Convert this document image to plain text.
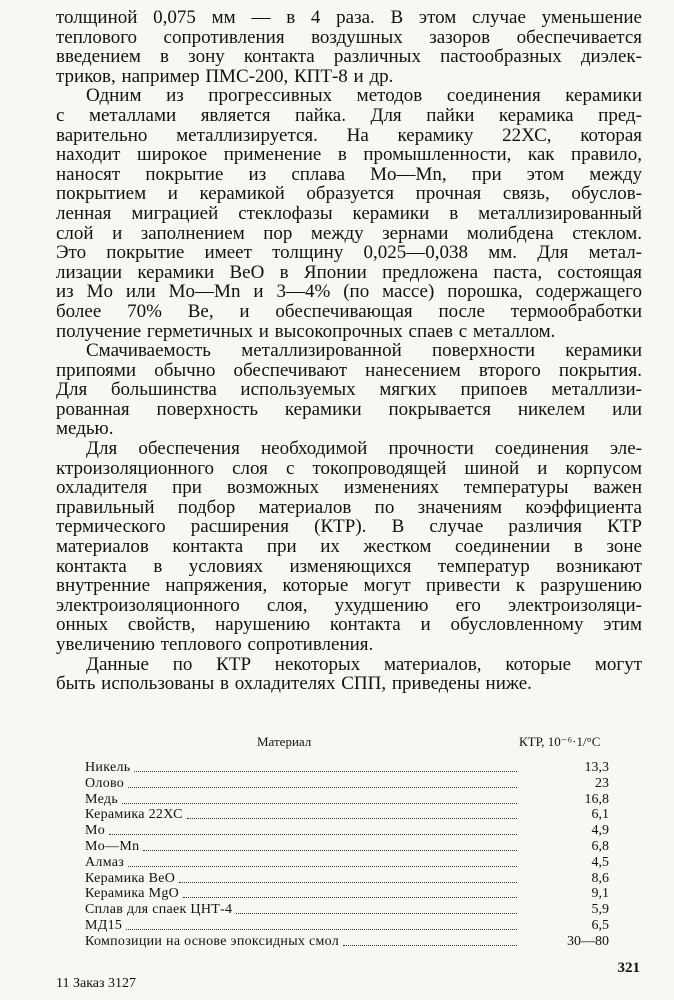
толщиной 0,075 мм — в 4 раза. В этом случае уменьшение
теплового сопротивления воздушных зазоров обеспечивается
введением в зону контакта различных пастообразных диэлек-
триков, например ПМС-200, КПТ-8 и др.

Одним из прогрессивных методов соединения керамики
с металлами является пайка. Для пайки керамика пред-
варительно металлизируется. На керамику 22ХС, которая
находит широкое применение в промышленности, как правило,
наносят покрытие из сплава Mo—Mn, при этом между
покрытием и керамикой образуется прочная связь, обуслов-
ленная миграцией стеклофазы керамики в металлизированный
слой и заполнением пор между зернами молибдена стеклом.
Это покрытие имеет толщину 0,025—0,038 мм. Для метал-
лизации керамики BeO в Японии предложена паста, состоящая
из Mo или Mo—Mn и 3—4% (по массе) порошка, содержащего
более 70% Be, и обеспечивающая после термообработки
получение герметичных и высокопрочных спаев с металлом.

Смачиваемость металлизированной поверхности керамики
припоями обычно обеспечивают нанесением второго покрытия.
Для большинства используемых мягких припоев металлизи-
рованная поверхность керамики покрывается никелем или
медью.

Для обеспечения необходимой прочности соединения эле-
ктроизоляционного слоя с токопроводящей шиной и корпусом
охладителя при возможных изменениях температуры важен
правильный подбор материалов по значениям коэффициента
термического расширения (КТР). В случае различия КТР
материалов контакта при их жестком соединении в зоне
контакта в условиях изменяющихся температур возникают
внутренние напряжения, которые могут привести к разрушению
электроизоляционного слоя, ухудшению его электроизоляци-
онных свойств, нарушению контакта и обусловленному этим
увеличению теплового сопротивления.

Данные по КТР некоторых материалов, которые могут
быть использованы в охладителях СПП, приведены ниже.

Материал	КТР, 10⁻⁶·1/°C
Никель	13,3
Олово	23
Медь	16,8
Керамика 22ХС	6,1
Mo	4,9
Mo—Mn	6,8
Алмаз	4,5
Керамика BeO	8,6
Керамика MgO	9,1
Сплав для спаек ЦНТ-4	5,9
МД15	6,5
Композиции на основе эпоксидных смол	30—80
11 Заказ 3127
321
